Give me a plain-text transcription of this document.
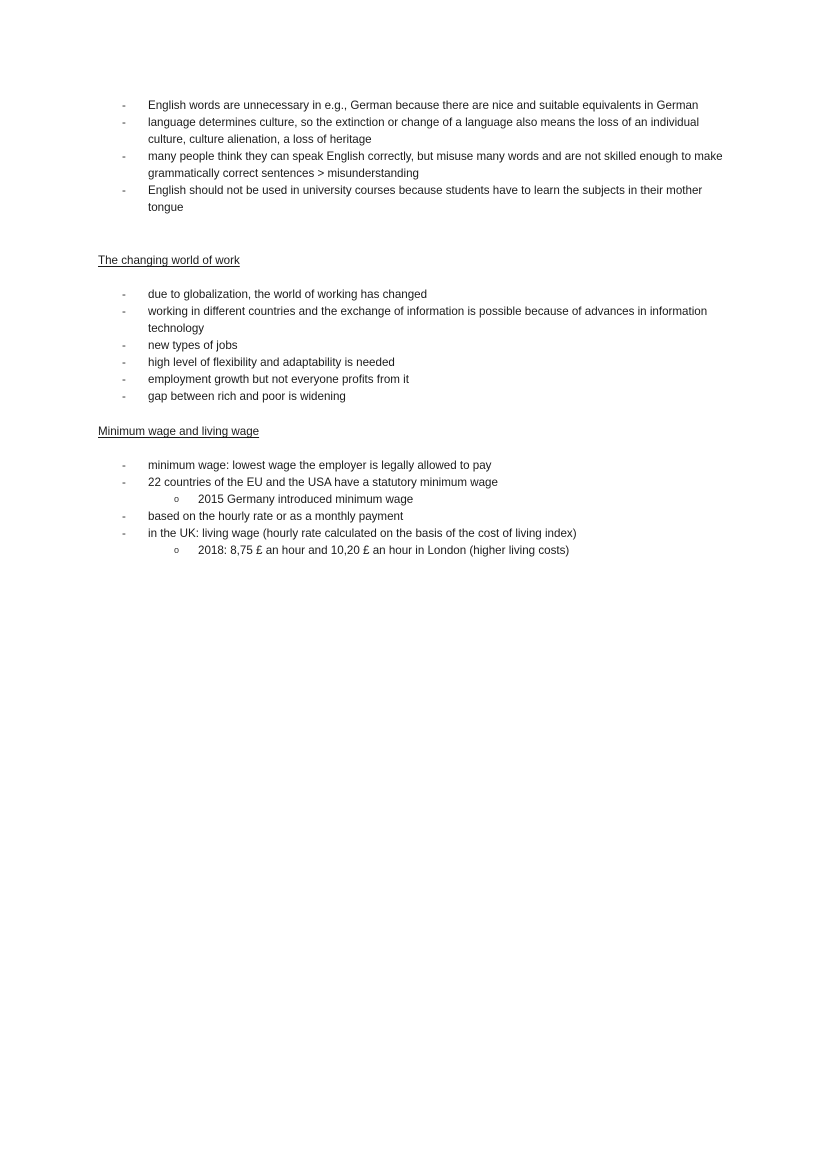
-	English words are unnecessary in e.g., German because there are nice and suitable equivalents in German
-	language determines culture, so the extinction or change of a language also means the loss of an individual culture, culture alienation, a loss of heritage
-	many people think they can speak English correctly, but misuse many words and are not skilled enough to make grammatically correct sentences > misunderstanding
-	English should not be used in university courses because students have to learn the subjects in their mother tongue
The changing world of work
-	due to globalization, the world of working has changed
-	working in different countries and the exchange of information is possible because of advances in information technology
-	new types of jobs
-	high level of flexibility and adaptability is needed
-	employment growth but not everyone profits from it
-	gap between rich and poor is widening
Minimum wage and living wage
-	minimum wage: lowest wage the employer is legally allowed to pay
-	22 countries of the EU and the USA have a statutory minimum wage
o 2015 Germany introduced minimum wage
-	based on the hourly rate or as a monthly payment
-	in the UK: living wage (hourly rate calculated on the basis of the cost of living index)
o 2018: 8,75 £ an hour and 10,20 £ an hour in London (higher living costs)
